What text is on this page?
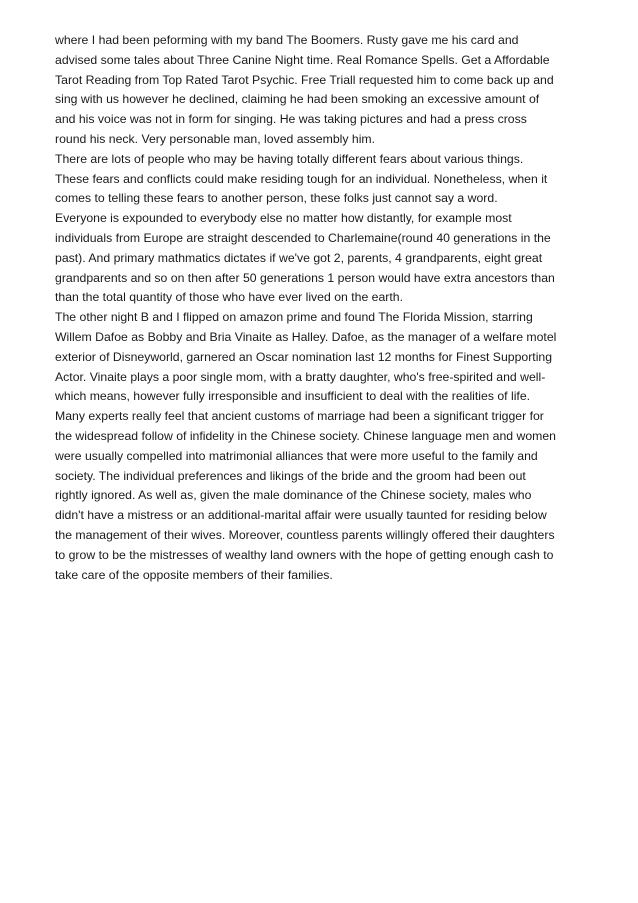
where I had been peforming with my band The Boomers. Rusty gave me his card and
advised some tales about Three Canine Night time. Real Romance Spells. Get a Affordable
Tarot Reading from Top Rated Tarot Psychic. Free Triall requested him to come back up and
sing with us however he declined, claiming he had been smoking an excessive amount of
and his voice was not in form for singing. He was taking pictures and had a press cross
round his neck. Very personable man, loved assembly him.
There are lots of people who may be having totally different fears about various things.
These fears and conflicts could make residing tough for an individual. Nonetheless, when it
comes to telling these fears to another person, these folks just cannot say a word.
Everyone is expounded to everybody else no matter how distantly, for example most
individuals from Europe are straight descended to Charlemaine(round 40 generations in the
past). And primary mathmatics dictates if we've got 2, parents, 4 grandparents, eight great
grandparents and so on then after 50 generations 1 person would have extra ancestors than
than the total quantity of those who have ever lived on the earth.
The other night B and I flipped on amazon prime and found The Florida Mission, starring
Willem Dafoe as Bobby and Bria Vinaite as Halley. Dafoe, as the manager of a welfare motel
exterior of Disneyworld, garnered an Oscar nomination last 12 months for Finest Supporting
Actor. Vinaite plays a poor single mom, with a bratty daughter, who's free-spirited and well-
which means, however fully irresponsible and insufficient to deal with the realities of life.
Many experts really feel that ancient customs of marriage had been a significant trigger for
the widespread follow of infidelity in the Chinese society. Chinese language men and women
were usually compelled into matrimonial alliances that were more useful to the family and
society. The individual preferences and likings of the bride and the groom had been out
rightly ignored. As well as, given the male dominance of the Chinese society, males who
didn't have a mistress or an additional-marital affair were usually taunted for residing below
the management of their wives. Moreover, countless parents willingly offered their daughters
to grow to be the mistresses of wealthy land owners with the hope of getting enough cash to
take care of the opposite members of their families.
